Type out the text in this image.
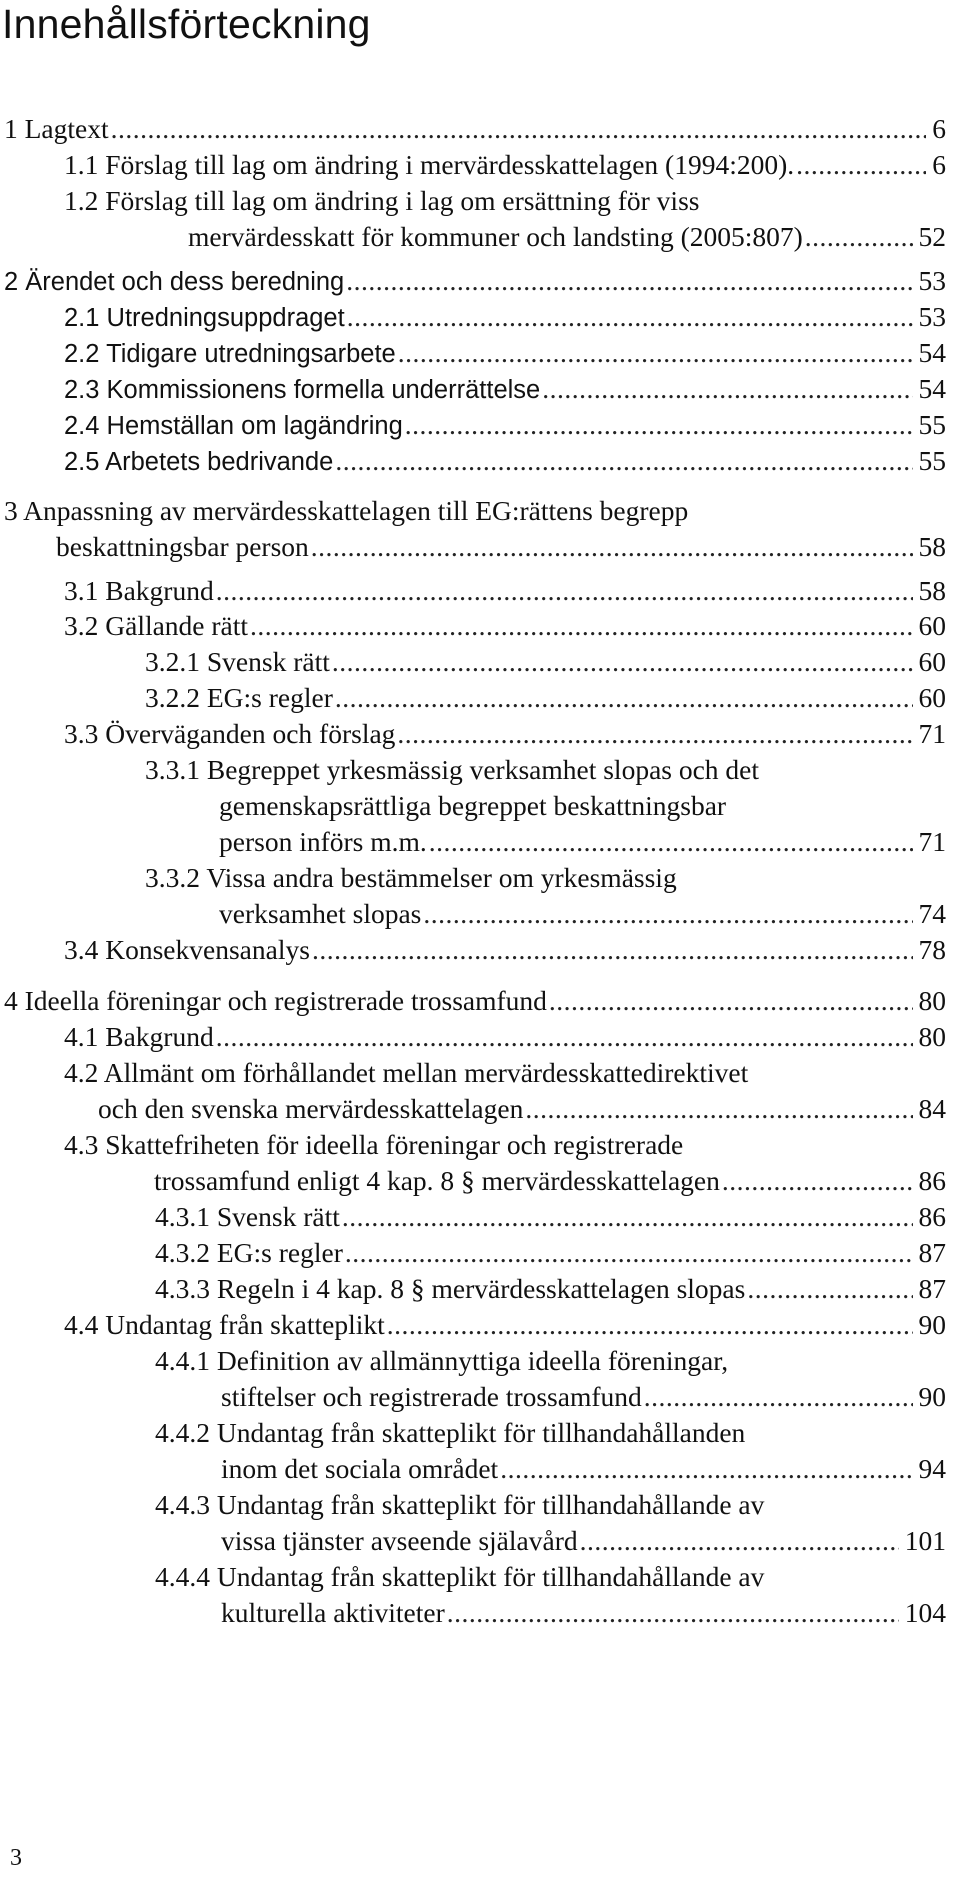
Innehållsförteckning
1 Lagtext .....	6
1.1 Förslag till lag om ändring i mervärdesskattelagen (1994:200). .....	6
1.2 Förslag till lag om ändring i lag om ersättning för viss
mervärdesskatt för kommuner och landsting (2005:807) .....	52
2 Ärendet och dess beredning .....	53
2.1 Utredningsuppdraget .....	53
2.2 Tidigare utredningsarbete .....	54
2.3 Kommissionens formella underrättelse .....	54
2.4 Hemställan om lagändring .....	55
2.5 Arbetets bedrivande .....	55
3 Anpassning av mervärdesskattelagen till EG:rättens begrepp
beskattningsbar person .....	58
3.1 Bakgrund .....	58
3.2 Gällande rätt .....	60
3.2.1 Svensk rätt .....	60
3.2.2 EG:s regler .....	60
3.3 Överväganden och förslag .....	71
3.3.1 Begreppet yrkesmässig verksamhet slopas och det
gemenskapsrättliga begreppet beskattningsbar
person införs m.m. .....	71
3.3.2 Vissa andra bestämmelser om yrkesmässig
verksamhet slopas .....	74
3.4 Konsekvensanalys .....	78
4 Ideella föreningar och registrerade trossamfund .....	80
4.1 Bakgrund .....	80
4.2 Allmänt om förhållandet mellan mervärdesskattedirektivet
och den svenska mervärdesskattelagen .....	84
4.3 Skattefriheten för ideella föreningar och registrerade
trossamfund enligt 4 kap. 8 § mervärdesskattelagen .....	86
4.3.1 Svensk rätt .....	86
4.3.2 EG:s regler .....	87
4.3.3 Regeln i 4 kap. 8 § mervärdesskattelagen slopas .....	87
4.4 Undantag från skatteplikt .....	90
4.4.1 Definition av allmännyttiga ideella föreningar,
stiftelser och registrerade trossamfund .....	90
4.4.2 Undantag från skatteplikt för tillhandahållanden
inom det sociala området .....	94
4.4.3 Undantag från skatteplikt för tillhandahållande av
vissa tjänster avseende själavård .....	101
4.4.4 Undantag från skatteplikt för tillhandahållande av
kulturella aktiviteter .....	104
3
